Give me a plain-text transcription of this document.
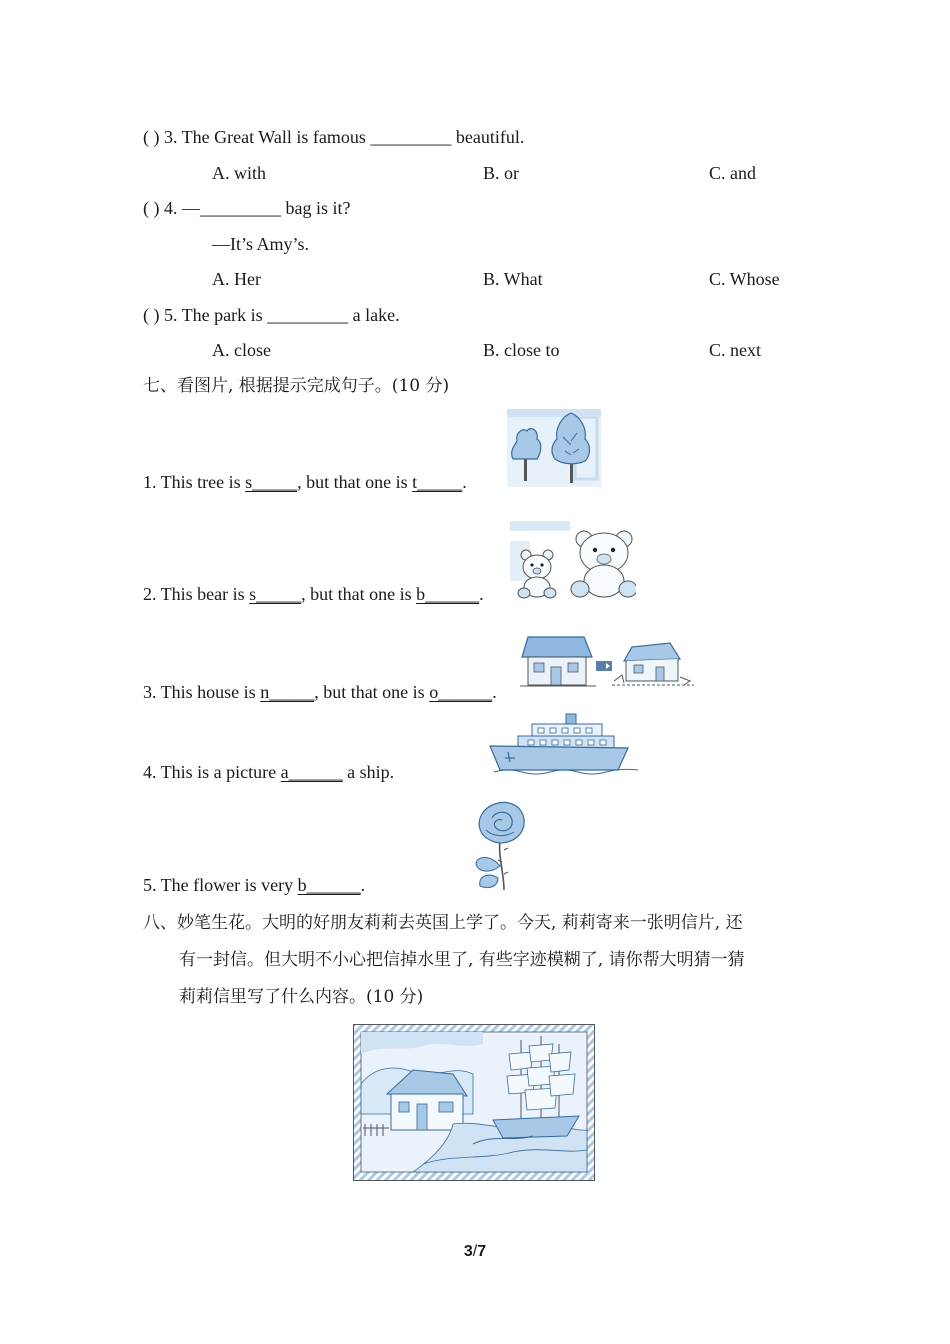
( ) 3. The Great Wall is famous _________ beautiful.
A. with	B. or	C. and
( ) 4. —_________ bag is it?
—It’s Amy’s.
A. Her	B. What	C. Whose
( ) 5. The park is _________ a lake.
A. close	B. close to	C. next
七、看图片, 根据提示完成句子。(10 分)
1. This tree is s_____, but that one is t_____.
2. This bear is s_____, but that one is b______.
3. This house is n_____, but that one is o______.
4. This is a picture a______ a ship.
5. The flower is very b______.
八、妙笔生花。大明的好朋友莉莉去英国上学了。今天, 莉莉寄来一张明信片, 还
有一封信。但大明不小心把信掉水里了, 有些字迹模糊了, 请你帮大明猜一猜
莉莉信里写了什么内容。(10 分)
3/7
